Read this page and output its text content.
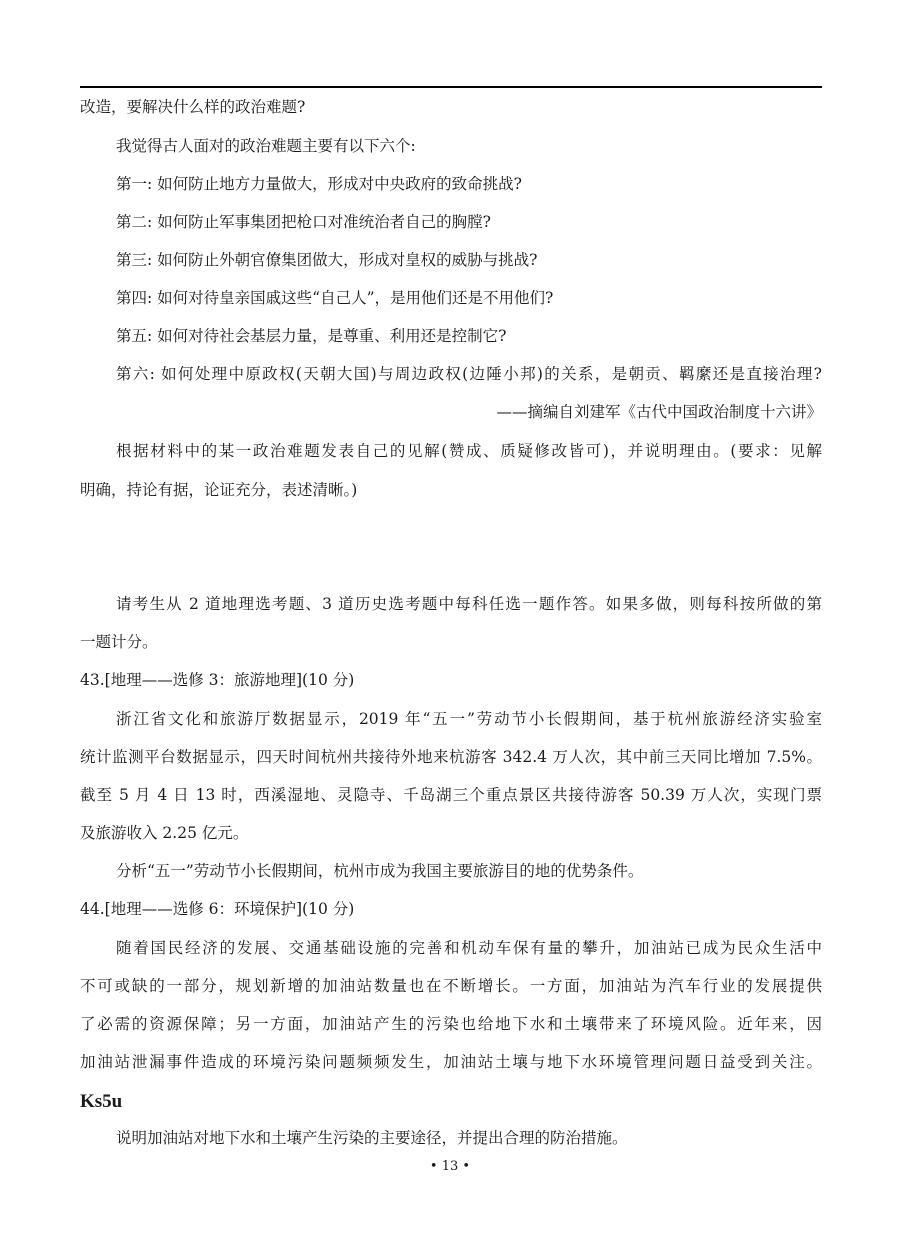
改造，要解决什么样的政治难题?
我觉得古人面对的政治难题主要有以下六个:
第一: 如何防止地方力量做大，形成对中央政府的致命挑战?
第二: 如何防止军事集团把枪口对准统治者自己的胸膛?
第三: 如何防止外朝官僚集团做大，形成对皇权的威胁与挑战?
第四: 如何对待皇亲国戚这些“自己人”，是用他们还是不用他们?
第五: 如何对待社会基层力量，是尊重、利用还是控制它?
第六: 如何处理中原政权(天朝大国)与周边政权(边陲小邦)的关系，是朝贡、羁縻还是直接治理?
——摘编自刘建军《古代中国政治制度十六讲》
根据材料中的某一政治难题发表自己的见解(赞成、质疑修改皆可)，并说明理由。(要求：见解
明确，持论有据，论证充分，表述清晰。)
请考生从 2 道地理选考题、3 道历史选考题中每科任选一题作答。如果多做，则每科按所做的第
一题计分。
43.[地理——选修 3：旅游地理](10 分)
浙江省文化和旅游厅数据显示，2019 年“五一”劳动节小长假期间，基于杭州旅游经济实验室
统计监测平台数据显示，四天时间杭州共接待外地来杭游客 342.4 万人次，其中前三天同比增加 7.5%。
截至 5 月 4 日 13 时，西溪湿地、灵隐寺、千岛湖三个重点景区共接待游客 50.39 万人次，实现门票
及旅游收入 2.25 亿元。
分析“五一”劳动节小长假期间，杭州市成为我国主要旅游目的地的优势条件。
44.[地理——选修 6：环境保护](10 分)
随着国民经济的发展、交通基础设施的完善和机动车保有量的攀升，加油站已成为民众生活中
不可或缺的一部分，规划新增的加油站数量也在不断增长。一方面，加油站为汽车行业的发展提供
了必需的资源保障；另一方面，加油站产生的污染也给地下水和土壤带来了环境风险。近年来，因
加油站泄漏事件造成的环境污染问题频频发生，加油站土壤与地下水环境管理问题日益受到关注。
Ks5u
说明加油站对地下水和土壤产生污染的主要途径，并提出合理的防治措施。
• 13 •
